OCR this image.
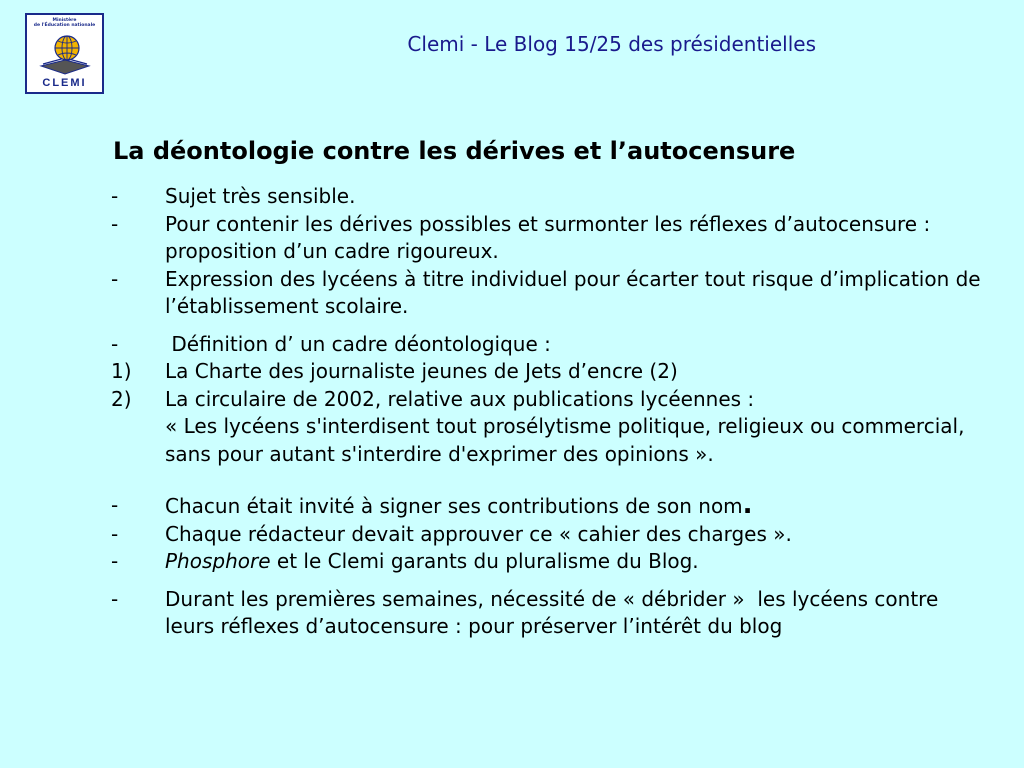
Ministère
de l'Éducation nationale
CLEMI
Clemi - Le Blog 15/25 des présidentielles
La déontologie contre les dérives et l’autocensure
-	Sujet très sensible.
-	Pour contenir les dérives possibles et surmonter les réflexes d’autocensure : proposition d’un cadre rigoureux.
-	Expression des lycéens à titre individuel pour écarter tout risque d’implication de l’établissement scolaire.
-	Définition d’ un cadre déontologique :
1)	La Charte des journaliste jeunes de Jets d’encre (2)
2)	La circulaire de 2002, relative aux publications lycéennes :
« Les lycéens s'interdisent tout prosélytisme politique, religieux ou commercial, sans pour autant s'interdire d'exprimer des opinions ».
-	Chacun était invité à signer ses contributions de son nom.
-	Chaque rédacteur devait approuver ce « cahier des charges ».
-	Phosphore et le Clemi garants du pluralisme du Blog.
-	Durant les premières semaines, nécessité de « débrider »  les lycéens contre leurs réflexes d’autocensure : pour préserver l’intérêt du blog
